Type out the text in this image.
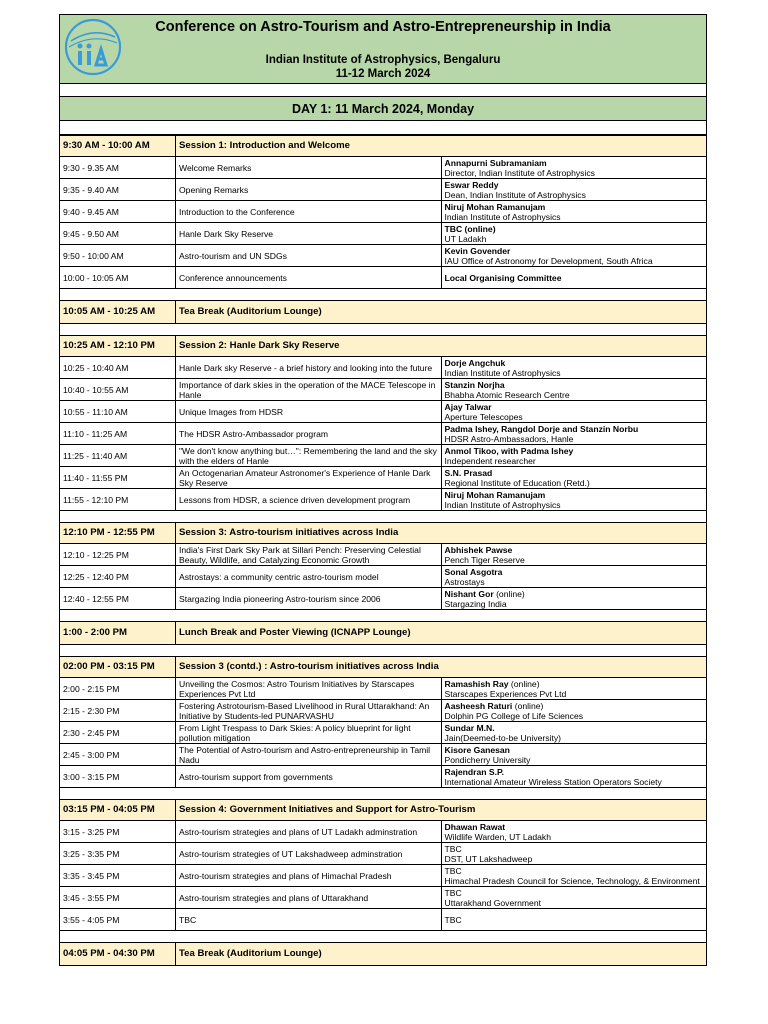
Conference on Astro-Tourism and Astro-Entrepreneurship in India
Indian Institute of Astrophysics, Bengaluru
11-12 March 2024
DAY 1: 11 March 2024, Monday
9:30 AM - 10:00 AM	Session 1: Introduction and Welcome	
9:30 - 9.35 AM	Welcome Remarks	Annapurni Subramaniam
Director, Indian Institute of Astrophysics

9:35 - 9.40 AM	Opening Remarks	Eswar Reddy
Dean, Indian Institute of Astrophysics

9:40 - 9.45 AM	Introduction to the Conference	Niruj Mohan Ramanujam
Indian Institute of Astrophysics

9:45 - 9.50 AM	Hanle Dark Sky Reserve	TBC (online)
UT Ladakh

9:50 - 10:00 AM	Astro-tourism and UN SDGs	Kevin Govender
IAU Office of Astronomy for Development, South Africa

10:00 - 10:05 AM	Conference announcements	Local Organising Committee

10:05 AM - 10:25 AM	Tea Break (Auditorium Lounge)	

10:25 AM - 12:10 PM	Session 2: Hanle Dark Sky Reserve	
10:25 - 10:40 AM	Hanle Dark sky Reserve - a brief history and looking into the future	Dorje Angchuk
Indian Institute of Astrophysics

10:40 - 10:55 AM	Importance of dark skies in the operation of the MACE Telescope in Hanle	Stanzin Norjha
Bhabha Atomic Research Centre

10:55 - 11:10 AM	Unique Images from HDSR	Ajay Talwar
Aperture Telescopes

11:10 - 11:25 AM	The HDSR Astro-Ambassador program	Padma Ishey, Rangdol Dorje and Stanzin Norbu
HDSR Astro-Ambassadors, Hanle

11:25 - 11:40 AM	"We don't know anything but…": Remembering the land and the sky with the elders of Hanle	Anmol Tikoo, with Padma Ishey
Independent researcher

11:40 - 11:55 PM	An Octogenarian Amateur Astronomer's Experience of Hanle Dark Sky Reserve	S.N. Prasad
Regional Institute of Education (Retd.)

11:55 - 12:10 PM	Lessons from HDSR, a science driven development program	Niruj Mohan Ramanujam
Indian Institute of Astrophysics

12:10 PM - 12:55 PM	Session 3: Astro-tourism initiatives across India	
12:10 - 12:25 PM	India's First Dark Sky Park at Sillari Pench: Preserving Celestial Beauty, Wildlife, and Catalyzing Economic Growth	Abhishek Pawse
Pench Tiger Reserve

12:25 - 12:40 PM	Astrostays: a community centric astro-tourism model	Sonal Asgotra
Astrostays

12:40 - 12:55 PM	Stargazing India pioneering Astro-tourism since 2006	Nishant Gor (online)
Stargazing India

1:00 - 2:00 PM	Lunch Break and Poster Viewing (ICNAPP Lounge)	

02:00 PM - 03:15 PM	Session 3 (contd.) : Astro-tourism initiatives across India	
2:00 - 2:15 PM	Unveiling the Cosmos: Astro Tourism Initiatives by Starscapes Experiences Pvt Ltd	Ramashish Ray (online)
Starscapes Experiences Pvt Ltd

2:15 - 2:30 PM	Fostering Astrotourism-Based Livelihood in Rural Uttarakhand: An Initiative by Students-led PUNARVASHU	Aasheesh Raturi (online)
Dolphin PG College of Life Sciences

2:30 - 2:45 PM	From Light Trespass to Dark Skies: A policy blueprint for light pollution mitigation	Sundar M.N.
Jain(Deemed-to-be University)

2:45 - 3:00 PM	The Potential of Astro-tourism and Astro-entrepreneurship in Tamil Nadu	Kisore Ganesan
Pondicherry University

3:00 - 3:15 PM	Astro-tourism support from governments	Rajendran S.P.
International Amateur Wireless Station Operators Society

03:15 PM - 04:05 PM	Session 4: Government Initiatives and Support for Astro-Tourism	
3:15 - 3:25 PM	Astro-tourism strategies and plans of UT Ladakh adminstration	Dhawan Rawat
Wildlife Warden, UT Ladakh

3:25 - 3:35 PM	Astro-tourism strategies of UT Lakshadweep adminstration	TBC
DST, UT Lakshadweep

3:35 - 3:45 PM	Astro-tourism strategies and plans of Himachal Pradesh	TBC
Himachal Pradesh Council for Science, Technology, & Environment

3:45 - 3:55 PM	Astro-tourism strategies and plans of Uttarakhand	TBC
Uttarakhand Government

3:55 - 4:05 PM	TBC	TBC

04:05 PM - 04:30 PM	Tea Break (Auditorium Lounge)	
